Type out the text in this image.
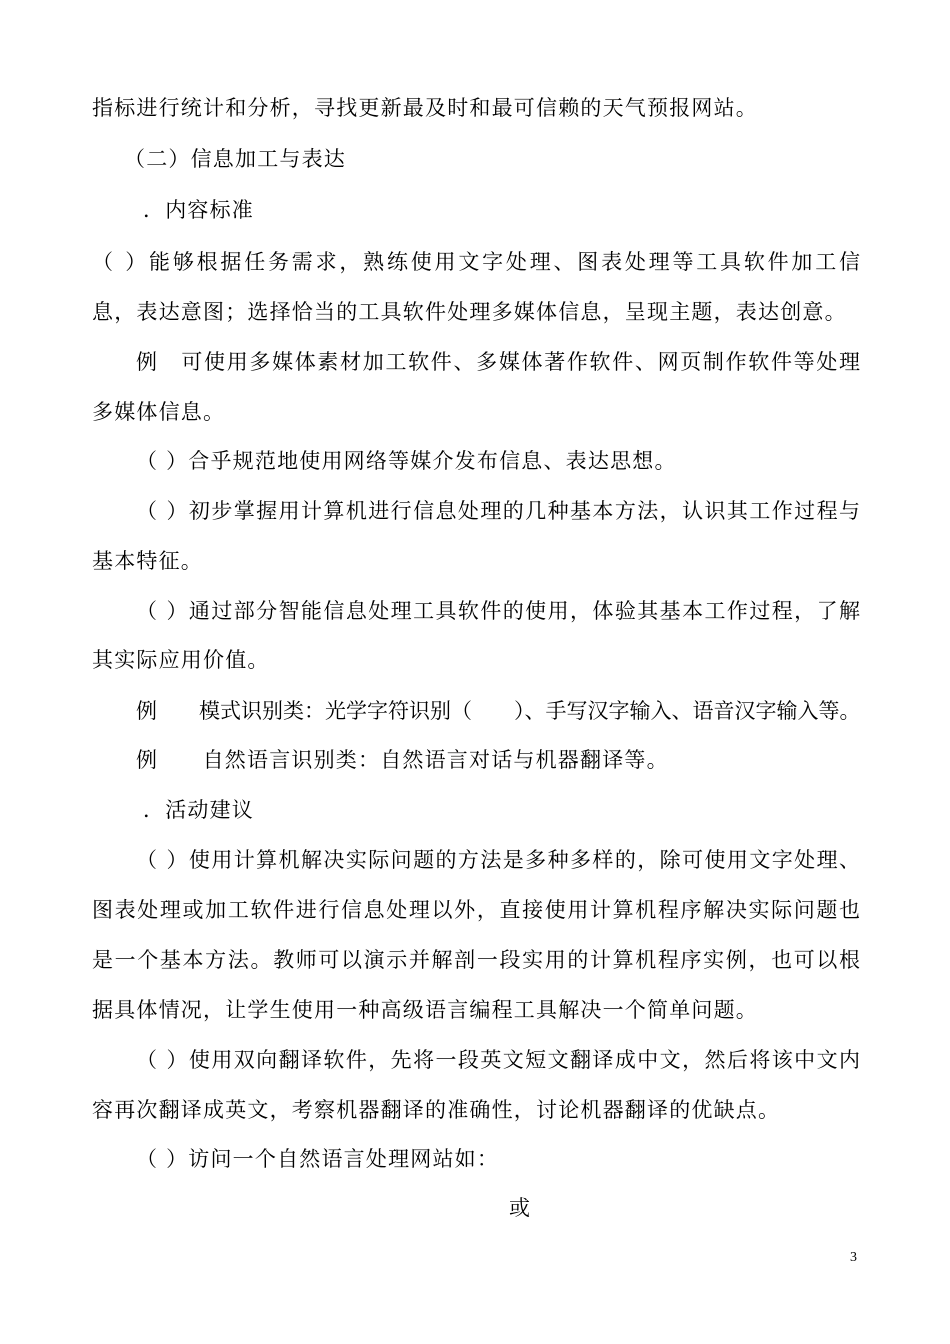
指标进行统计和分析，寻找更新最及时和最可信赖的天气预报网站。
（二）信息加工与表达
．内容标准
（ ）能够根据任务需求，熟练使用文字处理、图表处理等工具软件加工信
息，表达意图；选择恰当的工具软件处理多媒体信息，呈现主题，表达创意。
例　可使用多媒体素材加工软件、多媒体著作软件、网页制作软件等处理
多媒体信息。
（ ）合乎规范地使用网络等媒介发布信息、表达思想。
（ ）初步掌握用计算机进行信息处理的几种基本方法，认识其工作过程与
基本特征。
（ ）通过部分智能信息处理工具软件的使用，体验其基本工作过程，了解
其实际应用价值。
例　　模式识别类：光学字符识别（　　）、手写汉字输入、语音汉字输入等。
例　　自然语言识别类：自然语言对话与机器翻译等。
．活动建议
（ ）使用计算机解决实际问题的方法是多种多样的，除可使用文字处理、
图表处理或加工软件进行信息处理以外，直接使用计算机程序解决实际问题也
是一个基本方法。教师可以演示并解剖一段实用的计算机程序实例，也可以根
据具体情况，让学生使用一种高级语言编程工具解决一个简单问题。
（ ）使用双向翻译软件，先将一段英文短文翻译成中文，然后将该中文内
容再次翻译成英文，考察机器翻译的准确性，讨论机器翻译的优缺点。
（ ）访问一个自然语言处理网站如：
或
3
